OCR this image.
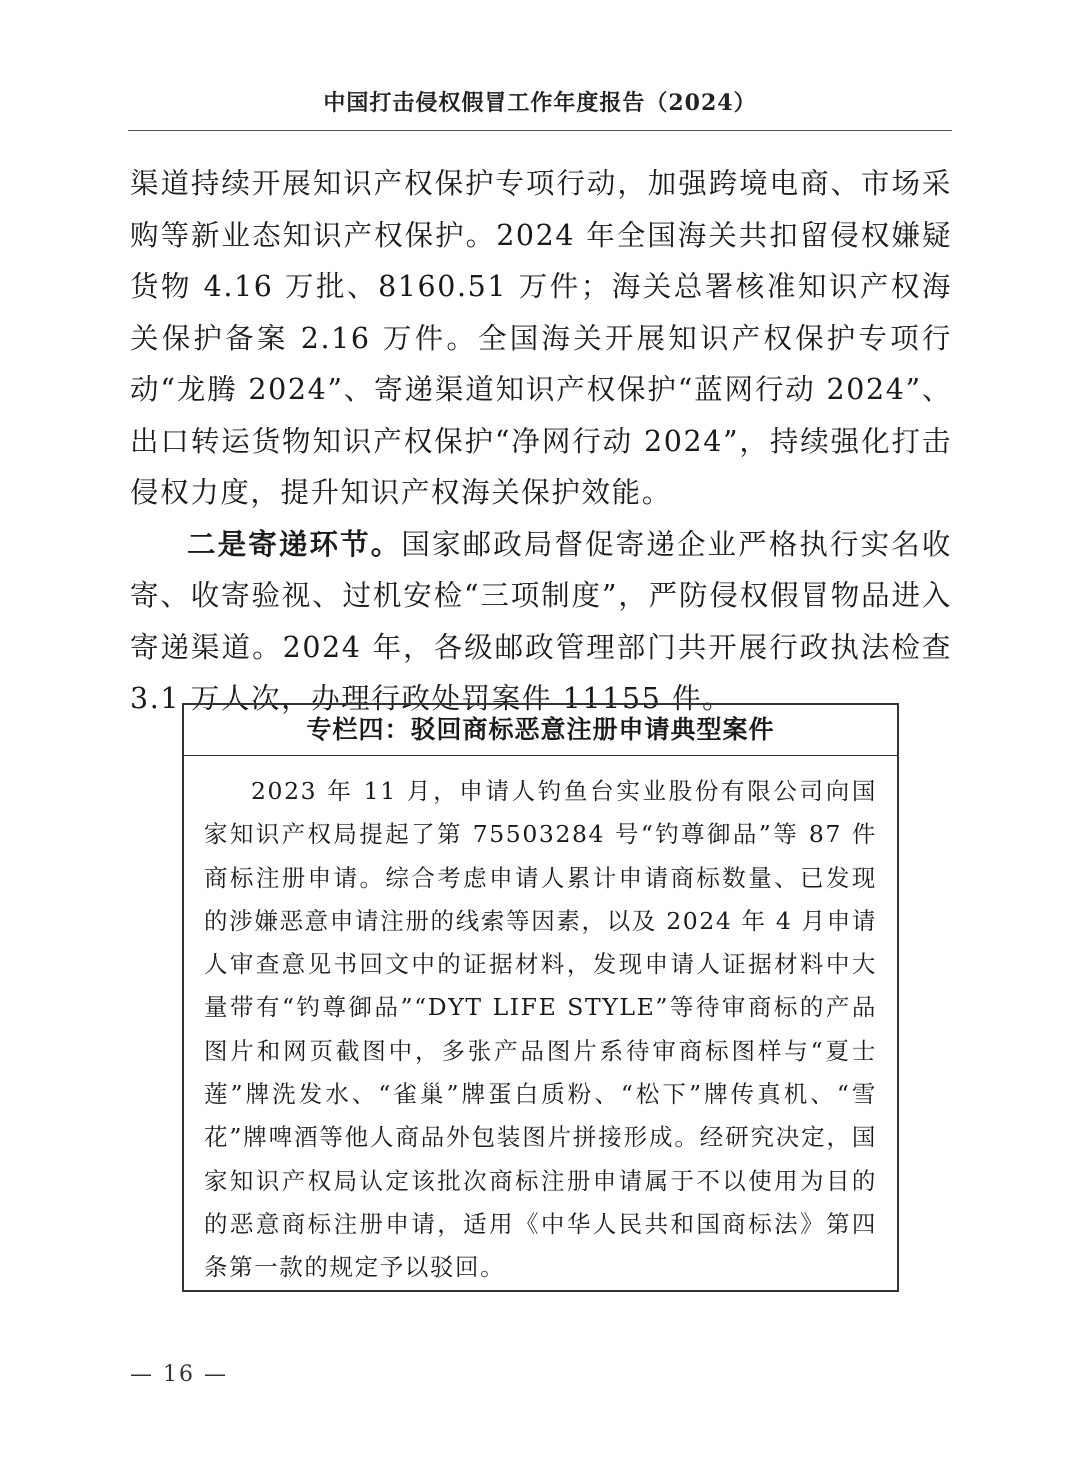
中国打击侵权假冒工作年度报告（2024）

渠道持续开展知识产权保护专项行动，加强跨境电商、市场采购等新业态知识产权保护。2024 年全国海关共扣留侵权嫌疑货物 4.16 万批、8160.51 万件；海关总署核准知识产权海关保护备案 2.16 万件。全国海关开展知识产权保护专项行动“龙腾 2024”、寄递渠道知识产权保护“蓝网行动 2024”、出口转运货物知识产权保护“净网行动 2024”，持续强化打击侵权力度，提升知识产权海关保护效能。

二是寄递环节。国家邮政局督促寄递企业严格执行实名收寄、收寄验视、过机安检“三项制度”，严防侵权假冒物品进入寄递渠道。2024 年，各级邮政管理部门共开展行政执法检查 3.1 万人次，办理行政处罚案件 11155 件。

专栏四：驳回商标恶意注册申请典型案件

2023 年 11 月，申请人钓鱼台实业股份有限公司向国家知识产权局提起了第 75503284 号“钓尊御品”等 87 件商标注册申请。综合考虑申请人累计申请商标数量、已发现的涉嫌恶意申请注册的线索等因素，以及 2024 年 4 月申请人审查意见书回文中的证据材料，发现申请人证据材料中大量带有“钓尊御品”“DYT LIFE STYLE”等待审商标的产品图片和网页截图中，多张产品图片系待审商标图样与“夏士莲”牌洗发水、“雀巢”牌蛋白质粉、“松下”牌传真机、“雪花”牌啤酒等他人商品外包装图片拼接形成。经研究决定，国家知识产权局认定该批次商标注册申请属于不以使用为目的的恶意商标注册申请，适用《中华人民共和国商标法》第四条第一款的规定予以驳回。

— 16 —
